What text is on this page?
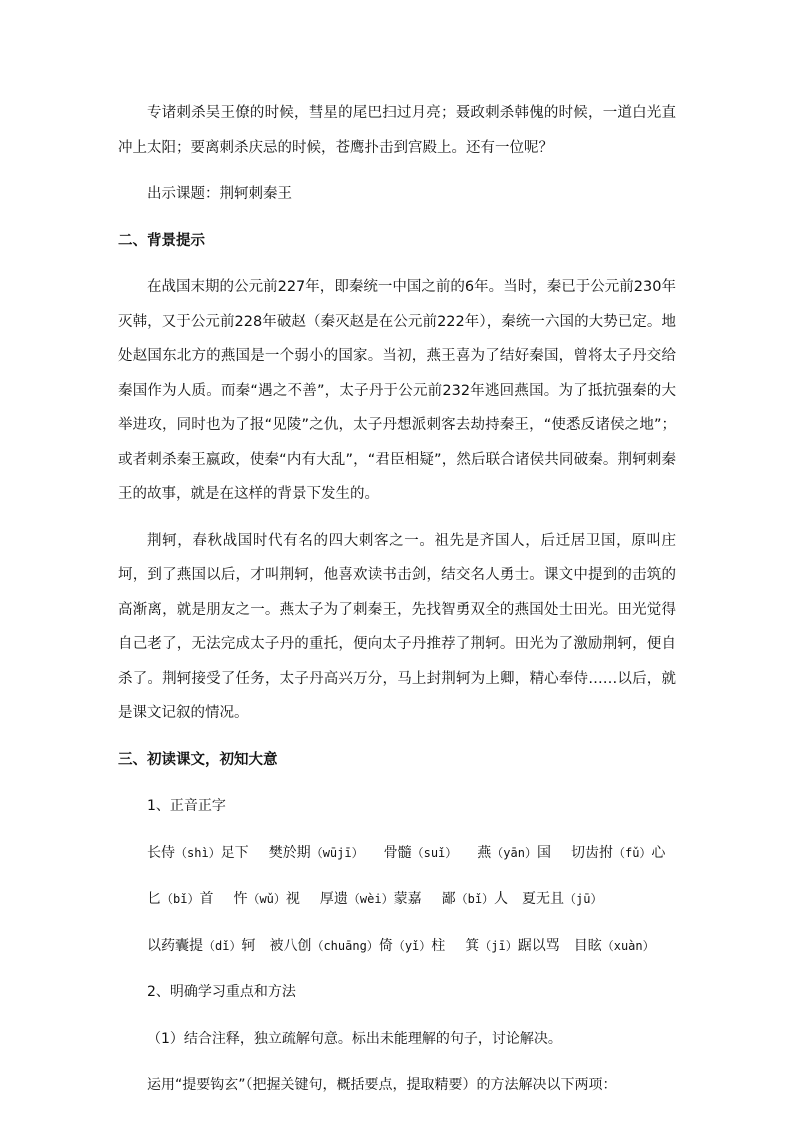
专诸刺杀吴王僚的时候，彗星的尾巴扫过月亮；聂政刺杀韩傀的时候，一道白光直冲上太阳；要离刺杀庆忌的时候，苍鹰扑击到宫殿上。还有一位呢？

出示课题：荆轲刺秦王

二、背景提示

在战国末期的公元前227年，即秦统一中国之前的6年。当时，秦已于公元前230年灭韩，又于公元前228年破赵（秦灭赵是在公元前222年），秦统一六国的大势已定。地处赵国东北方的燕国是一个弱小的国家。当初，燕王喜为了结好秦国，曾将太子丹交给秦国作为人质。而秦“遇之不善”，太子丹于公元前232年逃回燕国。为了抵抗强秦的大举进攻，同时也为了报“见陵”之仇，太子丹想派刺客去劫持秦王，“使悉反诸侯之地”；或者刺杀秦王嬴政，使秦“内有大乱”，“君臣相疑”，然后联合诸侯共同破秦。荆轲刺秦王的故事，就是在这样的背景下发生的。

荆轲，春秋战国时代有名的四大刺客之一。祖先是齐国人，后迁居卫国，原叫庄坷，到了燕国以后，才叫荆轲，他喜欢读书击剑，结交名人勇士。课文中提到的击筑的高渐离，就是朋友之一。燕太子为了刺秦王，先找智勇双全的燕国处士田光。田光觉得自己老了，无法完成太子丹的重托，便向太子丹推荐了荆轲。田光为了激励荆轲，便自杀了。荆轲接受了任务，太子丹高兴万分，马上封荆轲为上卿，精心奉侍……以后，就是课文记叙的情况。

三、初读课文，初知大意

1、正音正字

长侍（shì）足下 樊於期（wūjī） 骨髓（suǐ） 燕（yān）国 切齿拊（fǔ）心

匕（bǐ）首 忤（wǔ）视 厚遗（wèi）蒙嘉 鄙（bǐ）人 夏无且（jū）

以药囊提（dǐ）轲 被八创（chuāng）倚（yǐ）柱 箕（jī）踞以骂 目眩（xuàn）

2、明确学习重点和方法

（1）结合注释，独立疏解句意。标出未能理解的句子，讨论解决。

运用“提要钩玄”（把握关键句，概括要点，提取精要）的方法解决以下两项：
